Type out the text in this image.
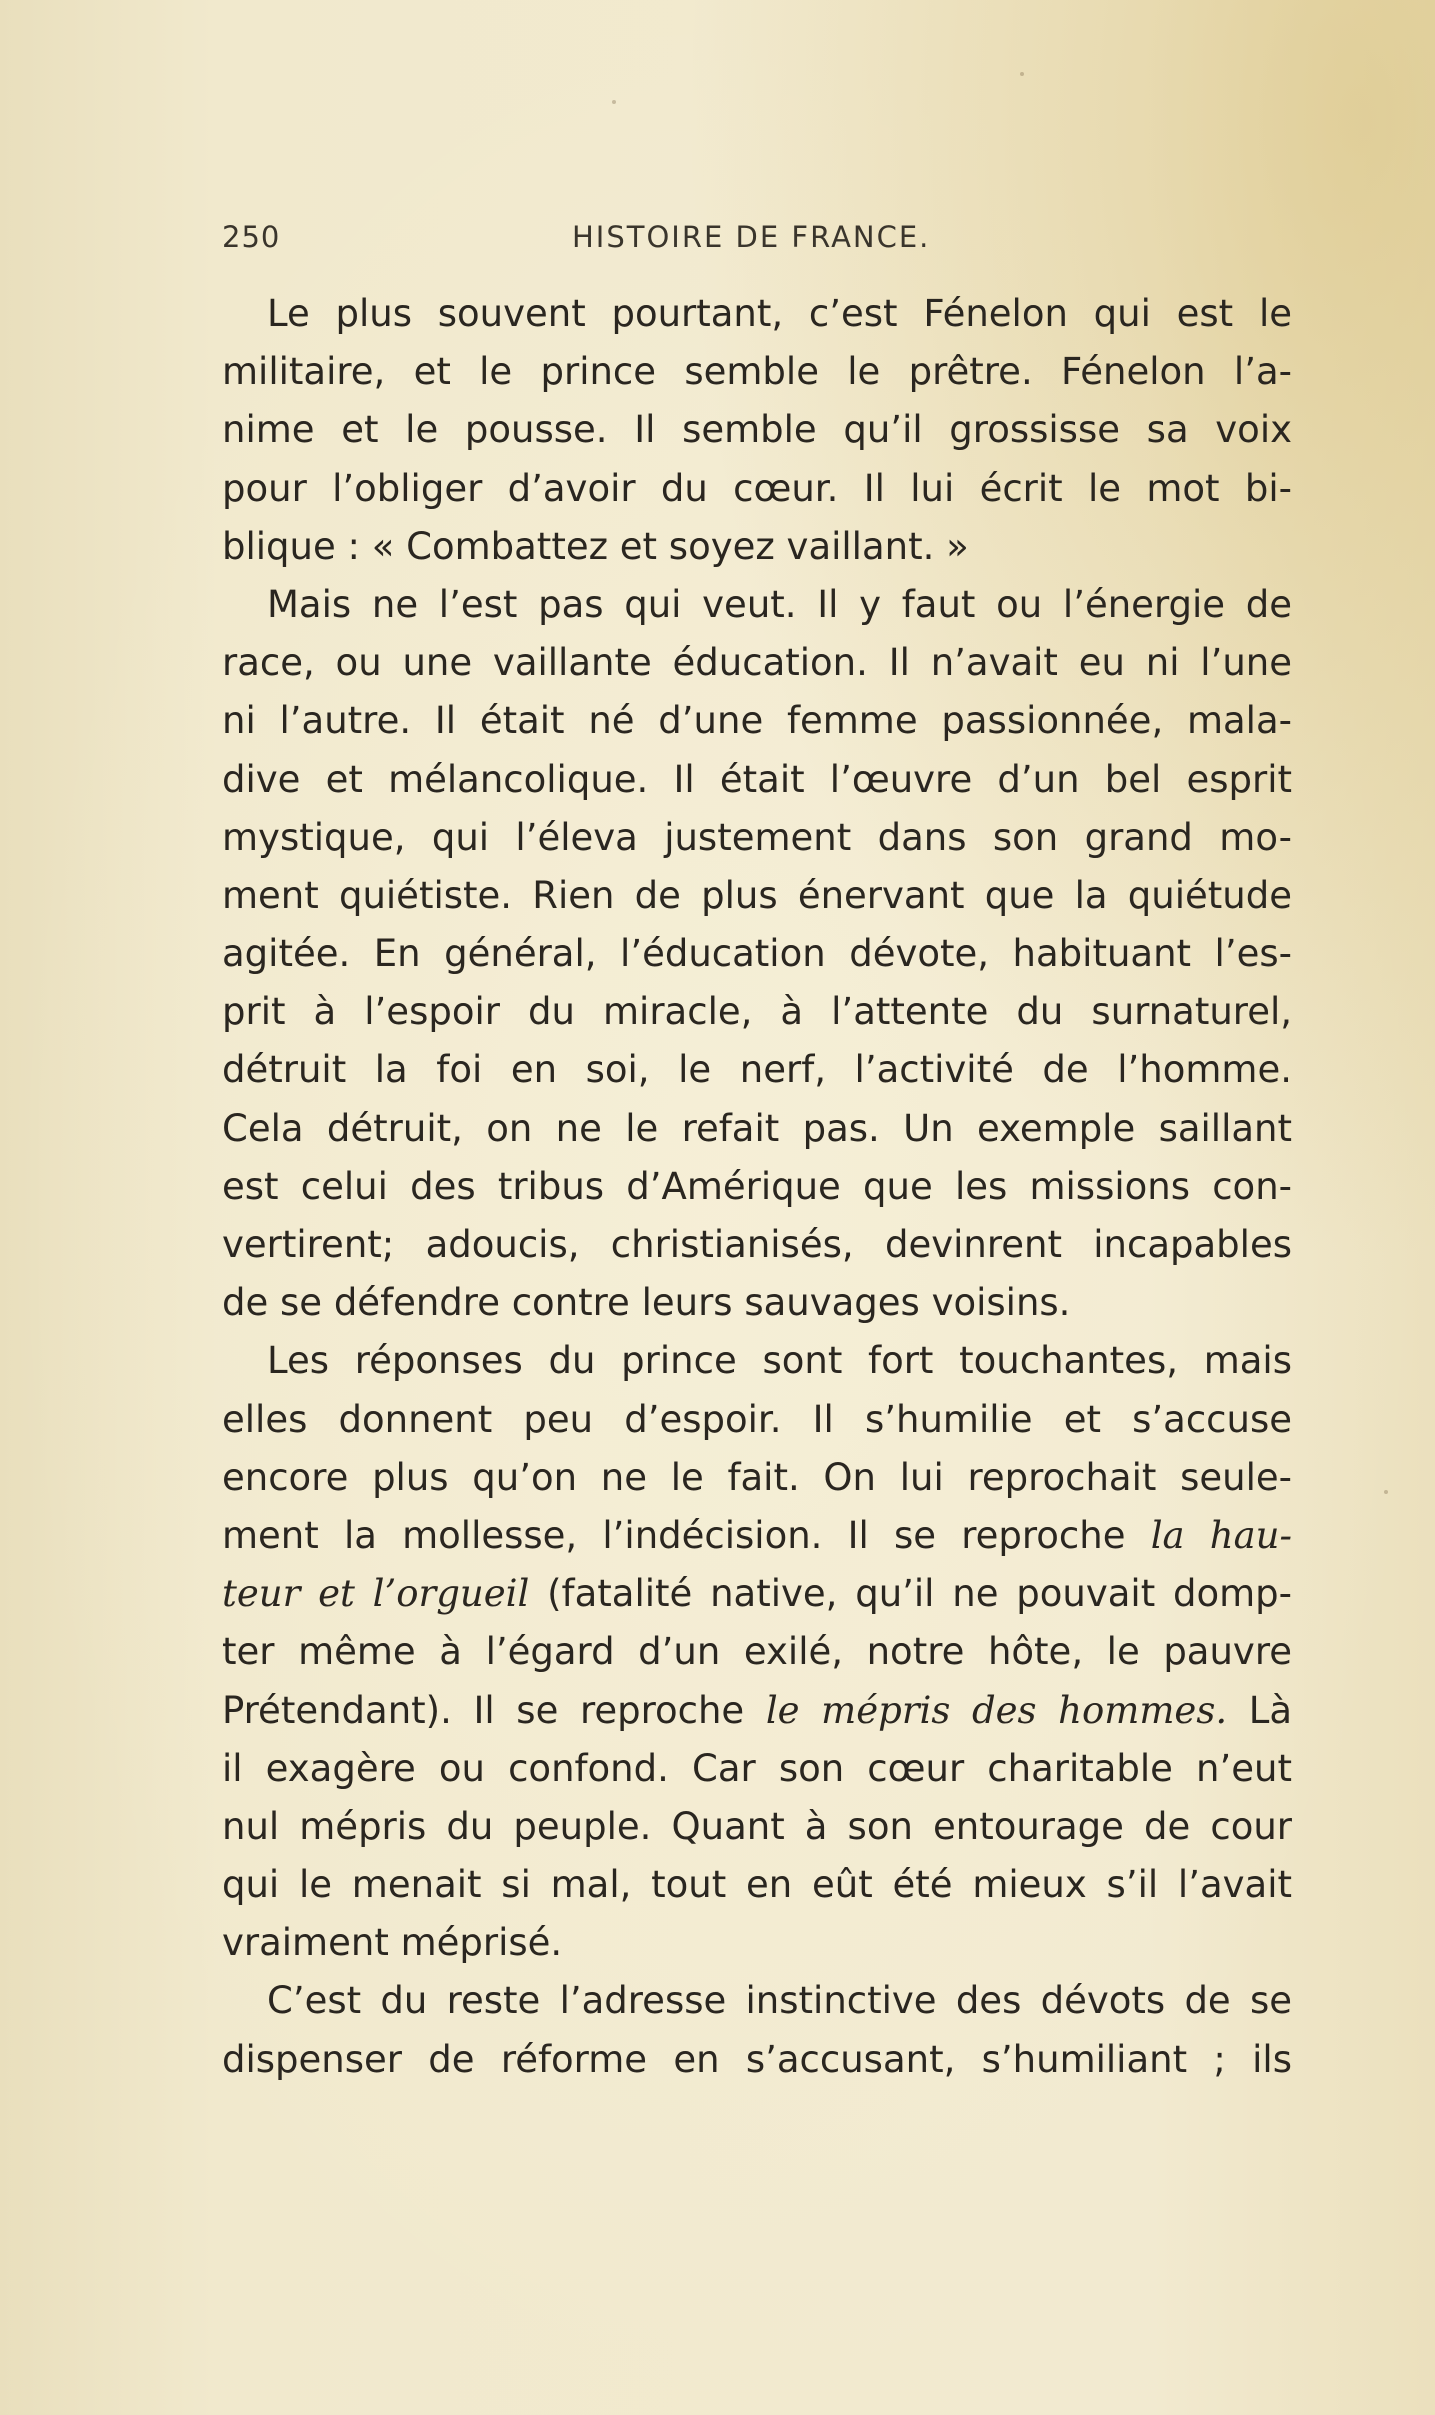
250	HISTOIRE DE FRANCE.
Le plus souvent pourtant, c’est Fénelon qui est le
militaire, et le prince semble le prêtre. Fénelon l’a-
nime et le pousse. Il semble qu’il grossisse sa voix
pour l’obliger d’avoir du cœur. Il lui écrit le mot bi-
blique : « Combattez et soyez vaillant. »
Mais ne l’est pas qui veut. Il y faut ou l’énergie de
race, ou une vaillante éducation. Il n’avait eu ni l’une
ni l’autre. Il était né d’une femme passionnée, mala-
dive et mélancolique. Il était l’œuvre d’un bel esprit
mystique, qui l’éleva justement dans son grand mo-
ment quiétiste. Rien de plus énervant que la quiétude
agitée. En général, l’éducation dévote, habituant l’es-
prit à l’espoir du miracle, à l’attente du surnaturel,
détruit la foi en soi, le nerf, l’activité de l’homme.
Cela détruit, on ne le refait pas. Un exemple saillant
est celui des tribus d’Amérique que les missions con-
vertirent; adoucis, christianisés, devinrent incapables
de se défendre contre leurs sauvages voisins.
Les réponses du prince sont fort touchantes, mais
elles donnent peu d’espoir. Il s’humilie et s’accuse
encore plus qu’on ne le fait. On lui reprochait seule-
ment la mollesse, l’indécision. Il se reproche la hau-
teur et l’orgueil (fatalité native, qu’il ne pouvait domp-
ter même à l’égard d’un exilé, notre hôte, le pauvre
Prétendant). Il se reproche le mépris des hommes. Là
il exagère ou confond. Car son cœur charitable n’eut
nul mépris du peuple. Quant à son entourage de cour
qui le menait si mal, tout en eût été mieux s’il l’avait
vraiment méprisé.
C’est du reste l’adresse instinctive des dévots de se
dispenser de réforme en s’accusant, s’humiliant ; ils
